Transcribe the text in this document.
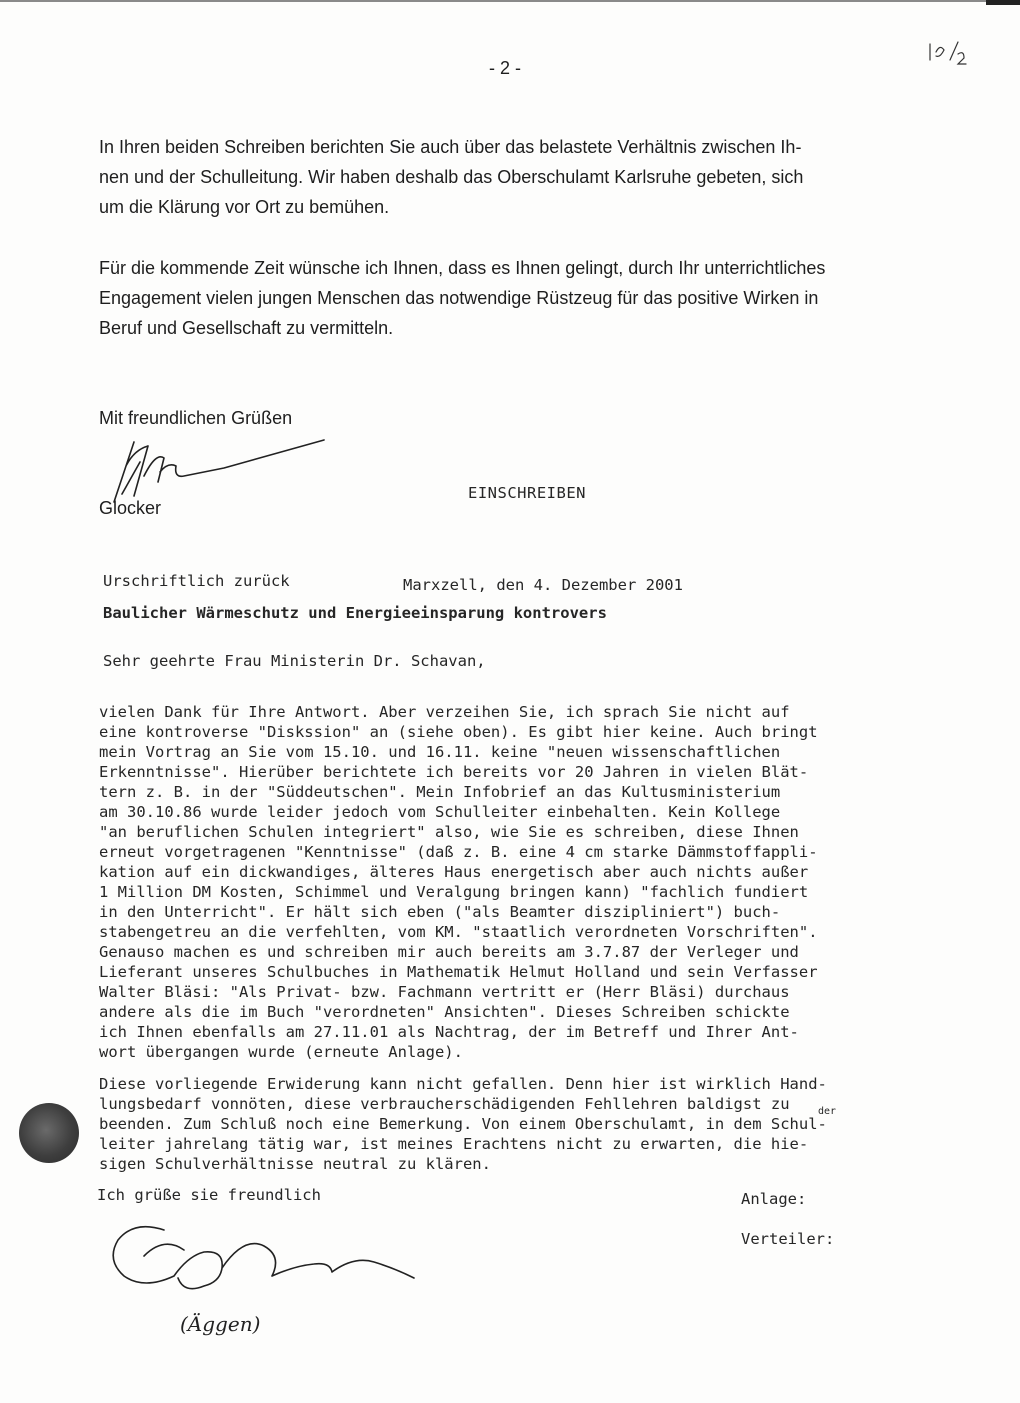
- 2 -

In Ihren beiden Schreiben berichten Sie auch über das belastete Verhältnis zwischen Ih-
nen und der Schulleitung. Wir haben deshalb das Oberschulamt Karlsruhe gebeten, sich
um die Klärung vor Ort zu bemühen.

Für die kommende Zeit wünsche ich Ihnen, dass es Ihnen gelingt, durch Ihr unterrichtliches
Engagement vielen jungen Menschen das notwendige Rüstzeug für das positive Wirken in
Beruf und Gesellschaft zu vermitteln.

Mit freundlichen Grüßen
Glocker
EINSCHREIBEN
Urschriftlich zurück	Marxzell, den 4. Dezember 2001
Baulicher Wärmeschutz und Energieeinsparung kontrovers
Sehr geehrte Frau Ministerin Dr. Schavan,
vielen Dank für Ihre Antwort. Aber verzeihen Sie, ich sprach Sie nicht auf
eine kontroverse "Diskssion" an (siehe oben). Es gibt hier keine. Auch bringt
mein Vortrag an Sie vom 15.10. und 16.11. keine "neuen wissenschaftlichen
Erkenntnisse". Hierüber berichtete ich bereits vor 20 Jahren in vielen Blät-
tern z. B. in der "Süddeutschen". Mein Infobrief an das Kultusministerium
am 30.10.86 wurde leider jedoch vom Schulleiter einbehalten. Kein Kollege
"an beruflichen Schulen integriert" also, wie Sie es schreiben, diese Ihnen
erneut vorgetragenen "Kenntnisse" (daß z. B. eine 4 cm starke Dämmstoffappli-
kation auf ein dickwandiges, älteres Haus energetisch aber auch nichts außer
1 Million DM Kosten, Schimmel und Veralgung bringen kann) "fachlich fundiert
in den Unterricht". Er hält sich eben ("als Beamter diszipliniert") buch-
stabengetreu an die verfehlten, vom KM. "staatlich verordneten Vorschriften".
Genauso machen es und schreiben mir auch bereits am 3.7.87 der Verleger und
Lieferant unseres Schulbuches in Mathematik Helmut Holland und sein Verfasser
Walter Bläsi: "Als Privat- bzw. Fachmann vertritt er (Herr Bläsi) durchaus
andere als die im Buch "verordneten" Ansichten". Dieses Schreiben schickte
ich Ihnen ebenfalls am 27.11.01 als Nachtrag, der im Betreff und Ihrer Ant-
wort übergangen wurde (erneute Anlage).
Diese vorliegende Erwiderung kann nicht gefallen. Denn hier ist wirklich Hand-
lungsbedarf vonnöten, diese verbraucherschädigenden Fehllehren baldigst zu
beenden. Zum Schluß noch eine Bemerkung. Von einem Oberschulamt, in dem Schul-
leiter jahrelang tätig war, ist meines Erachtens nicht zu erwarten, die hie-
sigen Schulverhältnisse neutral zu klären.
der
Ich grüße sie freundlich	Anlage:
Verteiler:
(Äggen)
